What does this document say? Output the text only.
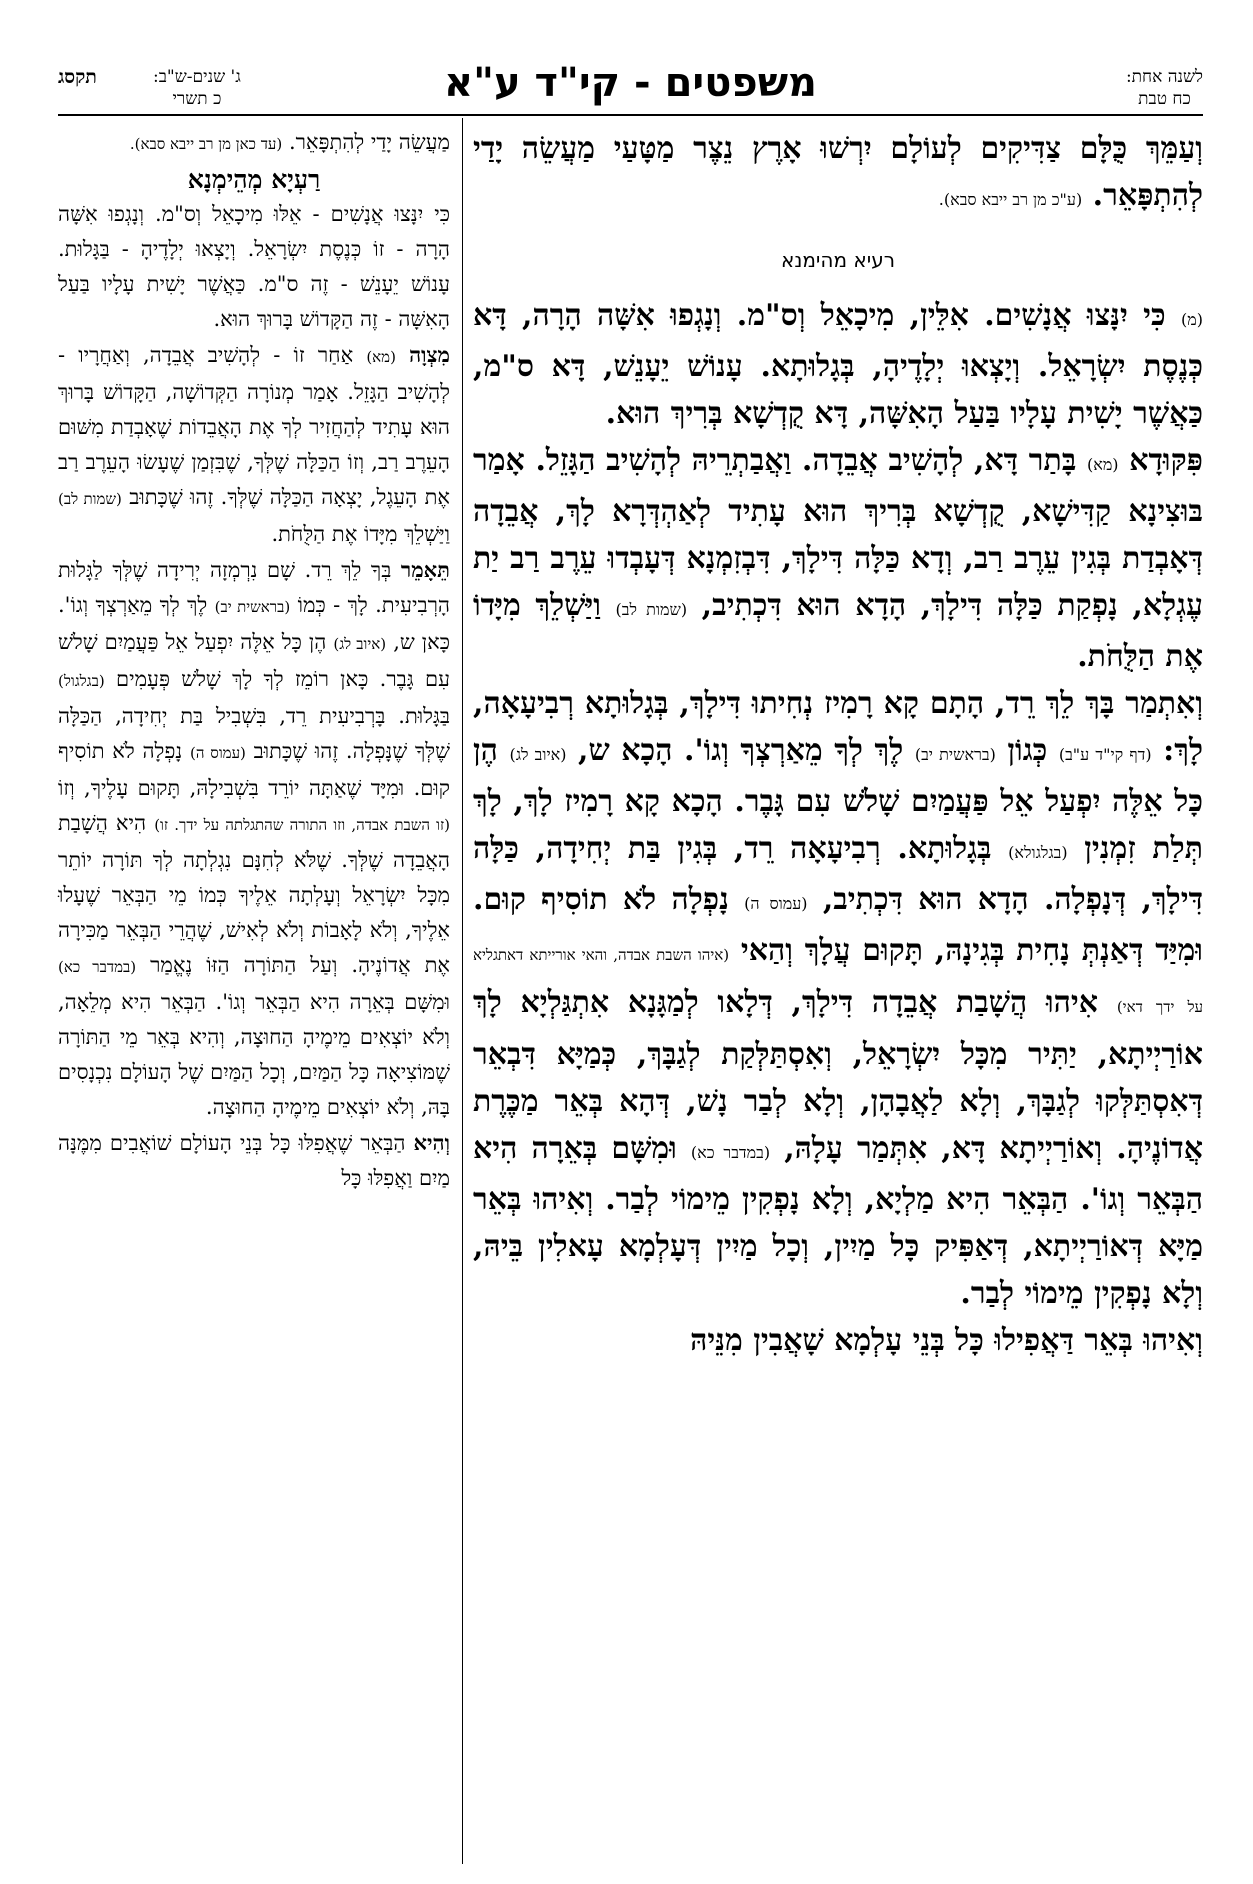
לשנה אחת:
כח טבת
משפטים - קי"ד ע"א
ג' שנים-ש"ב:
כ תשרי
תקסג

וְעַמֵּךְ כֻּלָּם צַדִּיקִים לְעוֹלָם יִרְשׁוּ אָרֶץ נֵצֶר מַטָּעַי מַעֲשֵׂה יָדַי לְהִתְפָּאֵר. (ע"כ מן רב ייבא סבא).

רעיא מהימנא

(מ) כִּי יִנָּצוּ אֲנָשִׁים. אִלֵּין, מִיכָאֵל וְס"מ. וְנָגְפוּ אִשָּׁה הָרָה, דָּא כְּנֶסֶת יִשְׂרָאֵל. וְיָצְאוּ יְלָדֶיהָ, בְּגָלוּתָא. עָנוֹשׁ יֵעָנֵשׁ, דָּא ס"מ, כַּאֲשֶׁר יָשִׁית עָלָיו בַּעַל הָאִשָּׁה, דָּא קֻדְשָׁא בְּרִיךְ הוּא.

פִּקּוּדָא (מא) בָּתַר דָּא, לְהָשִׁיב אֲבֵדָה. וַאֲבַתְרֵיהּ לְהָשִׁיב הַגָּזֵל. אָמַר בּוּצִינָא קַדִּישָׁא, קֻדְשָׁא בְּרִיךְ הוּא עָתִיד לְאַהְדְּרָא לָךְ, אֲבֵדָה דְּאָבְדַת בְּגִין עֵרֶב רַב, וְדָא כַּלָּה דִּילָךְ, דִּבְזִמְנָא דְּעָבְדוּ עֵרֶב רַב יַת עֶגְלָא, נָפְקַת כַּלָּה דִּילָךְ, הָדָא הוּא דִּכְתִיב, (שמות לב) וַיַּשְׁלֵךְ מִיָּדוֹ אֶת הַלֻּחֹת.

וְאִתְמַר בָּךְ לֵךְ רֵד, הָתָם קָא רָמִיז נְחִיתוּ דִּילָךְ, בְּגָלוּתָא רְבִיעָאָה, לָךְ: (דף קי"ד ע"ב) כְּגוֹן (בראשית יב) לֶךְ לְךָ מֵאַרְצְךָ וְגוֹ'. הָכָא ש, (איוב לג) הֶן כָּל אֵלֶּה יִפְעַל אֵל פַּעֲמַיִם שָׁלֹשׁ עִם גָּבֶר. הָכָא קָא רָמִיז לָךְ, לָךְ תְּלַת זִמְנִין (בגלגולא) בְּגָלוּתָא. רְבִיעָאָה רֵד, בְּגִין בַּת יְחִידָה, כַּלָּה דִּילָךְ, דְּנָפְלָה. הָדָא הוּא דִּכְתִיב, (עמוס ה) נָפְלָה לֹא תוֹסִיף קוּם. וּמִיַּד דְּאַנְתְּ נָחִית בְּגִינָהּ, תָּקוּם עֲלָךְ וְהַאי (איהו השבת אבדה, והאי אורייתא דאתגליא על ידך דאי) אִיהוּ הֲשָׁבַת אֲבֵדָה דִּילָךְ, דְּלָאו לְמַגָּנָא אִתְגַּלְיָא לָךְ אוֹרַיְיתָא, יַתִּיר מִכָּל יִשְׂרָאֵל, וְאִסְתַּלְּקַת לְגַבָּךְ, כְּמַיָּא דִּבְאֵר דְּאִסְתַּלְּקוּ לְגַבָּךְ, וְלָא לַאֲבָהָן, וְלָא לְבַר נָשׁ, דְּהָא בְּאֵר מַכֶּרֶת אֲדוֹנֶיהָ. וְאוֹרַיְיתָא דָּא, אִתְּמַר עָלָהּ, (במדבר כא) וּמִשָּׁם בְּאֵרָה הִיא הַבְּאֵר וְגוֹ'. הַבְּאֵר הִיא מַלְיָא, וְלָא נָפְקִין מֵימוֹי לְבַר. וְאִיהוּ בְּאֵר מַיָּא דְּאוֹרַיְיתָא, דְּאַפִּיק כָּל מַיִין, וְכָל מַיִין דְּעָלְמָא עָאלִין בֵּיהּ, וְלָא נָפְקִין מֵימוֹי לְבַר.

וְאִיהוּ בְּאֵר דַּאֲפִילוּ כָּל בְּנֵי עָלְמָא שָׁאֲבִין מִנֵּיהּ

מַעֲשֵׂה יָדַי לְהִתְפָּאֵר. (עד כאן מן רב ייבא סבא).

רַעְיָא מְהֵימְנָא

כִּי יִנָּצוּ אֲנָשִׁים - אֵלּוּ מִיכָאֵל וְס"מ. וְנָגְפוּ אִשָּׁה הָרָה - זוֹ כְּנֶסֶת יִשְׂרָאֵל. וְיָצְאוּ יְלָדֶיהָ - בַּגָּלוּת. עָנוֹשׁ יֵעָנֵשׁ - זֶה ס"מ. כַּאֲשֶׁר יָשִׁית עָלָיו בַּעַל הָאִשָּׁה - זֶה הַקָּדוֹשׁ בָּרוּךְ הוּא.

מִצְוָה (מא) אַחַר זוֹ - לְהָשִׁיב אֲבֵדָה, וְאַחֲרָיו - לְהָשִׁיב הַגָּזֵל. אָמַר מְנוֹרָה הַקְּדוֹשָׁה, הַקָּדוֹשׁ בָּרוּךְ הוּא עָתִיד לְהַחֲזִיר לְךָ אֶת הָאֲבֵדוֹת שֶׁאָבְדַת מִשּׁוּם הָעֵרֶב רַב, וְזוֹ הַכַּלָּה שֶׁלְּךָ, שֶׁבִּזְמַן שֶׁעָשׂוּ הָעֵרֶב רַב אֶת הָעֵגֶל, יָצְאָה הַכַּלָּה שֶׁלְּךָ. זֶהוּ שֶׁכָּתוּב (שמות לב) וַיַּשְׁלֵךְ מִיָּדוֹ אֶת הַלֻּחֹת.

תֵּאָמֵר בְּךָ לֵךְ רֵד. שָׁם נִרְמְזָה יְרִידָה שֶׁלְּךָ לַגָּלוּת הָרְבִיעִית. לָךְ - כְּמוֹ (בראשית יב) לֶךְ לְךָ מֵאַרְצְךָ וְגוֹ'. כָּאן ש, (איוב לג) הֶן כָּל אֵלֶּה יִפְעַל אֵל פַּעֲמַיִם שָׁלֹשׁ עִם גָּבֶר. כָּאן רוֹמֵז לְךָ לָךְ שָׁלֹשׁ פְּעָמִים (בגלגול) בַּגָּלוּת. בָּרְבִיעִית רֵד, בִּשְׁבִיל בַּת יְחִידָה, הַכַּלָּה שֶׁלְּךָ שֶׁנָּפְלָה. זֶהוּ שֶׁכָּתוּב (עמוס ה) נָפְלָה לֹא תוֹסִיף קוּם. וּמִיָּד שֶׁאַתָּה יוֹרֵד בִּשְׁבִילָהּ, תָּקוּם עָלֶיךָ, וְזוֹ (זו השבת אבדה, וזו התורה שהתגלתה על ידך. זו) הִיא הֲשָׁבַת הָאֲבֵדָה שֶׁלְּךָ. שֶׁלֹּא לְחִנָּם נִגְלְתָה לְךָ תּוֹרָה יוֹתֵר מִכָּל יִשְׂרָאֵל וְעָלְתָה אֵלֶיךָ כְּמוֹ מֵי הַבְּאֵר שֶׁעָלוּ אֵלֶיךָ, וְלֹא לָאָבוֹת וְלֹא לְאִישׁ, שֶׁהֲרֵי הַבְּאֵר מַכִּירָה אֶת אֲדוֹנֶיהָ. וְעַל הַתּוֹרָה הַזּוֹ נֶאֱמַר (במדבר כא) וּמִשָּׁם בְּאֵרָה הִיא הַבְּאֵר וְגוֹ'. הַבְּאֵר הִיא מְלֵאָה, וְלֹא יוֹצְאִים מֵימֶיהָ הַחוּצָה, וְהִיא בְּאֵר מֵי הַתּוֹרָה שֶׁמּוֹצִיאָה כָּל הַמַּיִם, וְכָל הַמַּיִם שֶׁל הָעוֹלָם נִכְנָסִים בָּהּ, וְלֹא יוֹצְאִים מֵימֶיהָ הַחוּצָה.

וְהִיא הַבְּאֵר שֶׁאֲפִלּוּ כָּל בְּנֵי הָעוֹלָם שׁוֹאֲבִים מִמֶּנָּה מַיִם וַאֲפִלּוּ כָּל
